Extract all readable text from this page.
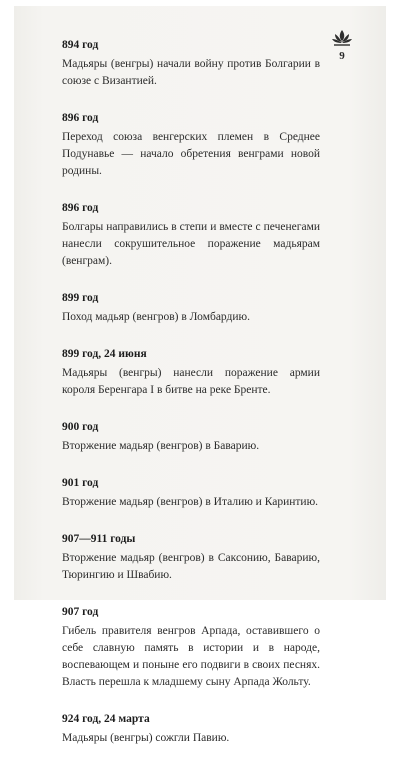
9
894 год
Мадьяры (венгры) начали войну против Болгарии в союзе с Византией.
896 год
Переход союза венгерских племен в Среднее Подунавье — начало обретения венграми новой родины.
896 год
Болгары направились в степи и вместе с печенегами нанесли сокрушительное поражение мадьярам (венграм).
899 год
Поход мадьяр (венгров) в Ломбардию.
899 год, 24 июня
Мадьяры (венгры) нанесли поражение армии короля Беренгара I в битве на реке Бренте.
900 год
Вторжение мадьяр (венгров) в Баварию.
901 год
Вторжение мадьяр (венгров) в Италию и Каринтию.
907—911 годы
Вторжение мадьяр (венгров) в Саксонию, Баварию, Тюрингию и Швабию.
907 год
Гибель правителя венгров Арпада, оставившего о себе славную память в истории и в народе, воспевающем и поныне его подвиги в своих песнях. Власть перешла к младшему сыну Арпада Жольту.
924 год, 24 марта
Мадьяры (венгры) сожгли Павию.
